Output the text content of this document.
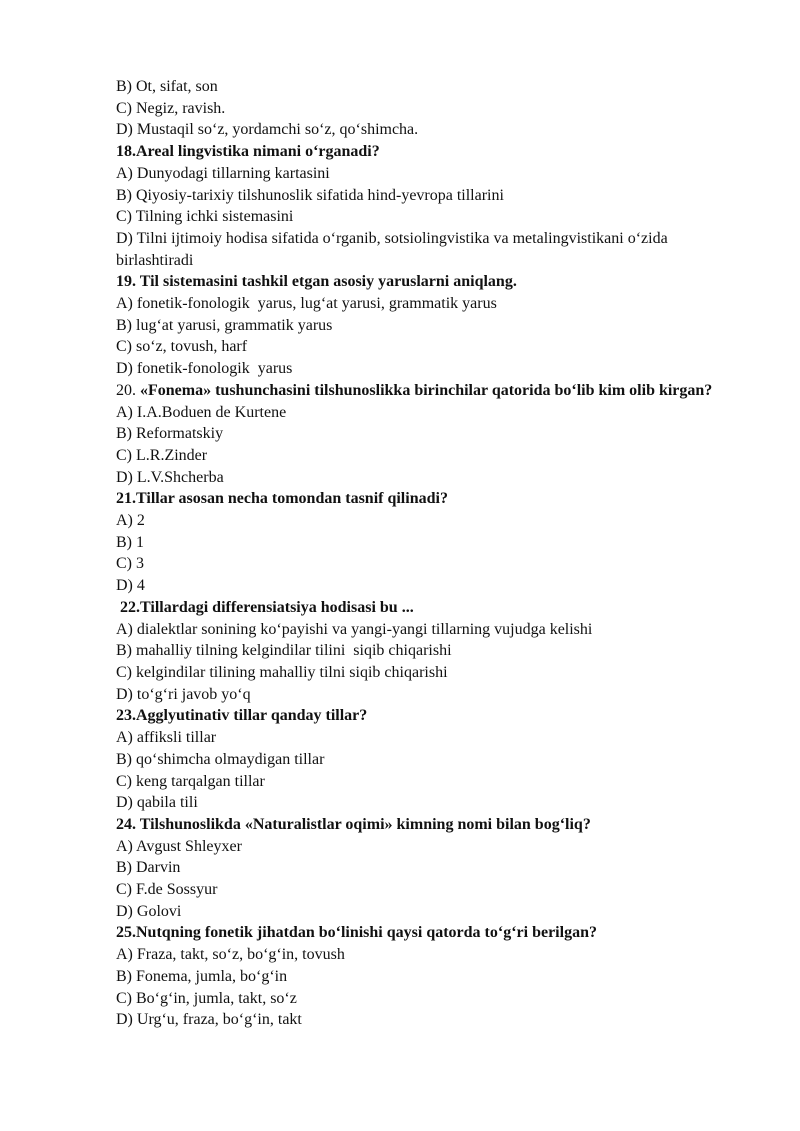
B) Ot, sifat, son

C) Negiz, ravish.

D) Mustaqil so‘z, yordamchi so‘z, qo‘shimcha.

18.Areal lingvistika nimani o‘rganadi?

A) Dunyodagi tillarning kartasini

B) Qiyosiy-tarixiy tilshunoslik sifatida hind-yevropa tillarini

C) Tilning ichki sistemasini

D) Tilni ijtimoiy hodisa sifatida o‘rganib, sotsiolingvistika va metalingvistikani o‘zida birlashtiradi

19. Til sistemasini tashkil etgan asosiy yaruslarni aniqlang.

A) fonetik-fonologik  yarus, lug‘at yarusi, grammatik yarus

B) lug‘at yarusi, grammatik yarus

C) so‘z, tovush, harf

D) fonetik-fonologik  yarus

20. «Fonema» tushunchasini tilshunoslikka birinchilar qatorida bo‘lib kim olib kirgan?

A) I.A.Boduen de Kurtene

B) Reformatskiy

C) L.R.Zinder

D) L.V.Shcherba

21.Tillar asosan necha tomondan tasnif qilinadi?

A) 2

B) 1

C) 3

D) 4

22.Tillardagi differensiatsiya hodisasi bu ...

A) dialektlar sonining ko‘payishi va yangi-yangi tillarning vujudga kelishi

B) mahalliy tilning kelgindilar tilini  siqib chiqarishi

C) kelgindilar tilining mahalliy tilni siqib chiqarishi

D) to‘g‘ri javob yo‘q

23.Agglyutinativ tillar qanday tillar?

A) affiksli tillar

B) qo‘shimcha olmaydigan tillar

C) keng tarqalgan tillar

D) qabila tili

24. Tilshunoslikda «Naturalistlar oqimi» kimning nomi bilan bog‘liq?

A) Avgust Shleyxer

B) Darvin

C) F.de Sossyur

D) Golovi

25.Nutqning fonetik jihatdan bo‘linishi qaysi qatorda to‘g‘ri berilgan?

A) Fraza, takt, so‘z, bo‘g‘in, tovush

B) Fonema, jumla, bo‘g‘in

C) Bo‘g‘in, jumla, takt, so‘z

D) Urg‘u, fraza, bo‘g‘in, takt
